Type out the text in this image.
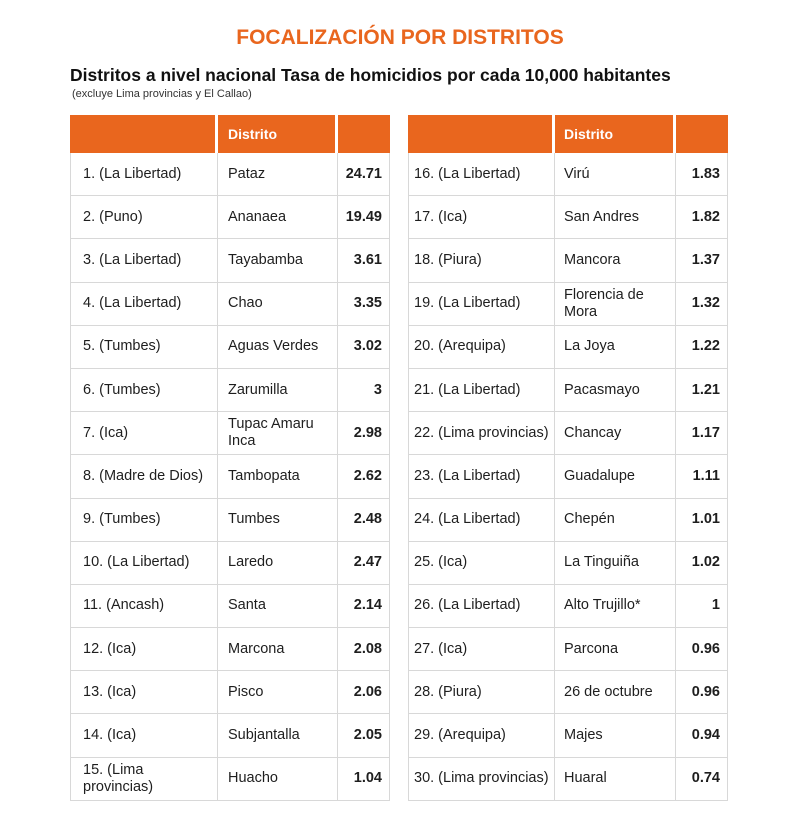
FOCALIZACIÓN POR DISTRITOS
Distritos a nivel nacional Tasa de homicidios por cada 10,000 habitantes
(excluye Lima provincias y El Callao)
	Distrito	
1. (La Libertad)	Pataz	24.71
2. (Puno)	Ananaea	19.49
3. (La Libertad)	Tayabamba	3.61
4. (La Libertad)	Chao	3.35
5. (Tumbes)	Aguas Verdes	3.02
6. (Tumbes)	Zarumilla	3
7. (Ica)	Tupac Amaru Inca	2.98
8. (Madre de Dios)	Tambopata	2.62
9. (Tumbes)	Tumbes	2.48
10. (La Libertad)	Laredo	2.47
11. (Ancash)	Santa	2.14
12. (Ica)	Marcona	2.08
13. (Ica)	Pisco	2.06
14. (Ica)	Subjantalla	2.05
15. (Lima provincias)	Huacho	1.04
	Distrito	
16. (La Libertad)	Virú	1.83
17. (Ica)	San Andres	1.82
18. (Piura)	Mancora	1.37
19. (La Libertad)	Florencia de Mora	1.32
20. (Arequipa)	La Joya	1.22
21. (La Libertad)	Pacasmayo	1.21
22. (Lima provincias)	Chancay	1.17
23. (La Libertad)	Guadalupe	1.11
24. (La Libertad)	Chepén	1.01
25. (Ica)	La Tinguiña	1.02
26. (La Libertad)	Alto Trujillo*	1
27. (Ica)	Parcona	0.96
28. (Piura)	26 de octubre	0.96
29. (Arequipa)	Majes	0.94
30. (Lima provincias)	Huaral	0.74
